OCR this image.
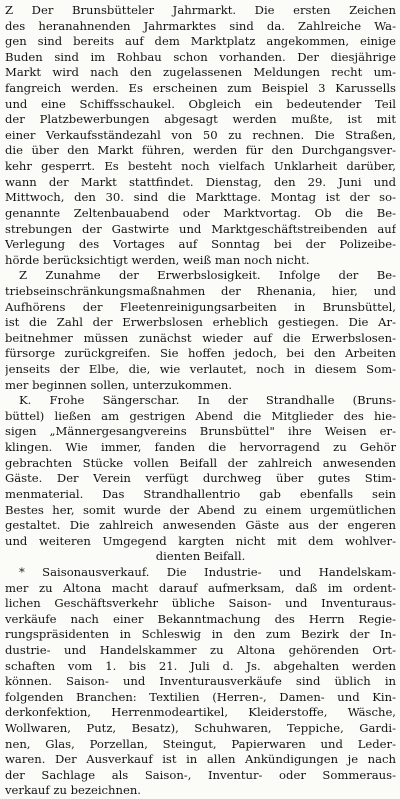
Z Der Brunsbütteler Jahrmarkt. Die ersten Zeichen
des heranahnenden Jahrmarktes sind da. Zahlreiche Wa-
gen sind bereits auf dem Marktplatz angekommen, einige
Buden sind im Rohbau schon vorhanden. Der diesjährige
Markt wird nach den zugelassenen Meldungen recht um-
fangreich werden. Es erscheinen zum Beispiel 3 Karussells
und eine Schiffsschaukel. Obgleich ein bedeutender Teil
der Platzbewerbungen abgesagt werden mußte, ist mit
einer Verkaufsständezahl von 50 zu rechnen. Die Straßen,
die über den Markt führen, werden für den Durchgangsver-
kehr gesperrt. Es besteht noch vielfach Unklarheit darüber,
wann der Markt stattfindet. Dienstag, den 29. Juni und
Mittwoch, den 30. sind die Markttage. Montag ist der so-
genannte Zeltenbauabend oder Marktvortag. Ob die Be-
strebungen der Gastwirte und Marktgeschäftstreibenden auf
Verlegung des Vortages auf Sonntag bei der Polizeibe-
hörde berücksichtigt werden, weiß man noch nicht.
Z Zunahme der Erwerbslosigkeit. Infolge der Be-
triebseinschränkungsmaßnahmen der Rhenania, hier, und
Aufhörens der Fleetenreinigungsarbeiten in Brunsbüttel,
ist die Zahl der Erwerbslosen erheblich gestiegen. Die Ar-
beitnehmer müssen zunächst wieder auf die Erwerbslosen-
fürsorge zurückgreifen. Sie hoffen jedoch, bei den Arbeiten
jenseits der Elbe, die, wie verlautet, noch in diesem Som-
mer beginnen sollen, unterzukommen.
K. Frohe Sängerschar. In der Strandhalle (Bruns-
büttel) ließen am gestrigen Abend die Mitglieder des hie-
sigen „Männergesangvereins Brunsbüttel" ihre Weisen er-
klingen. Wie immer, fanden die hervorragend zu Gehör
gebrachten Stücke vollen Beifall der zahlreich anwesenden
Gäste. Der Verein verfügt durchweg über gutes Stim-
menmaterial. Das Strandhallentrio gab ebenfalls sein
Bestes her, somit wurde der Abend zu einem urgemütlichen
gestaltet. Die zahlreich anwesenden Gäste aus der engeren
und weiteren Umgegend kargten nicht mit dem wohlver-
dienten Beifall.
* Saisonausverkauf. Die Industrie- und Handelskam-
mer zu Altona macht darauf aufmerksam, daß im ordent-
lichen Geschäftsverkehr übliche Saison- und Inventuraus-
verkäufe nach einer Bekanntmachung des Herrn Regie-
rungspräsidenten in Schleswig in den zum Bezirk der In-
dustrie- und Handelskammer zu Altona gehörenden Ort-
schaften vom 1. bis 21. Juli d. Js. abgehalten werden
können. Saison- und Inventurausverkäufe sind üblich in
folgenden Branchen: Textilien (Herren-, Damen- und Kin-
derkonfektion, Herrenmodeartikel, Kleiderstoffe, Wäsche,
Wollwaren, Putz, Besatz), Schuhwaren, Teppiche, Gardi-
nen, Glas, Porzellan, Steingut, Papierwaren und Leder-
waren. Der Ausverkauf ist in allen Ankündigungen je nach
der Sachlage als Saison-, Inventur- oder Sommeraus-
verkauf zu bezeichnen.
